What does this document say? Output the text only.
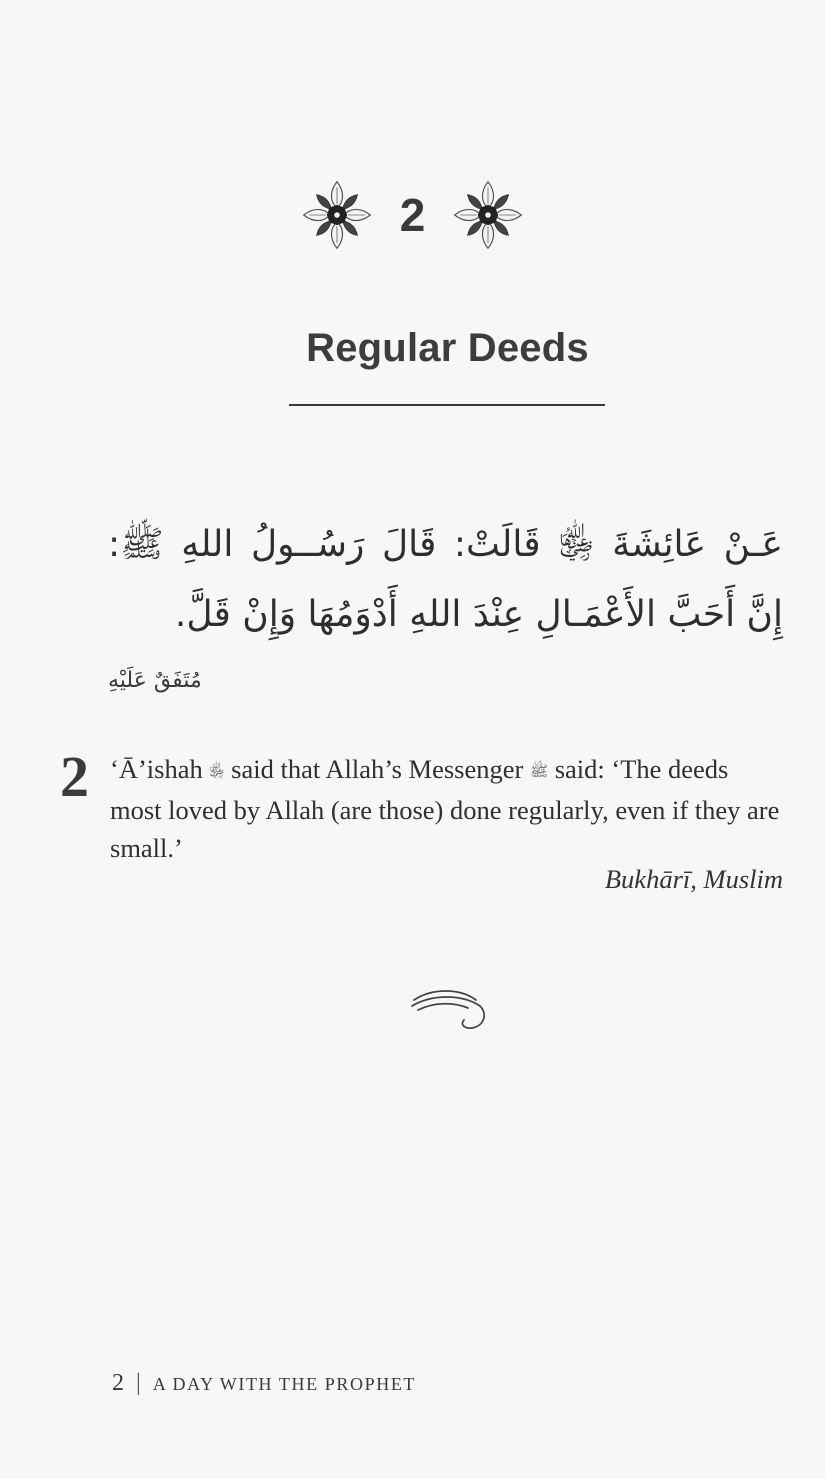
2
Regular Deeds
عَـنْ عَائِشَةَ ﵂ قَالَتْ: قَالَ رَسُــولُ اللهِ ﷺ: إِنَّ أَحَبَّ الأَعْمَـالِ عِنْدَ اللهِ أَدْوَمُهَا وَإِنْ قَلَّ.
مُتَفَقٌ عَلَيْهِ
2 ‘Ā’ishah ﵂ said that Allah’s Messenger ﷺ said: ‘The deeds most loved by Allah (are those) done regularly, even if they are small.’
Bukhārī, Muslim
2 | A DAY WITH THE PROPHET
